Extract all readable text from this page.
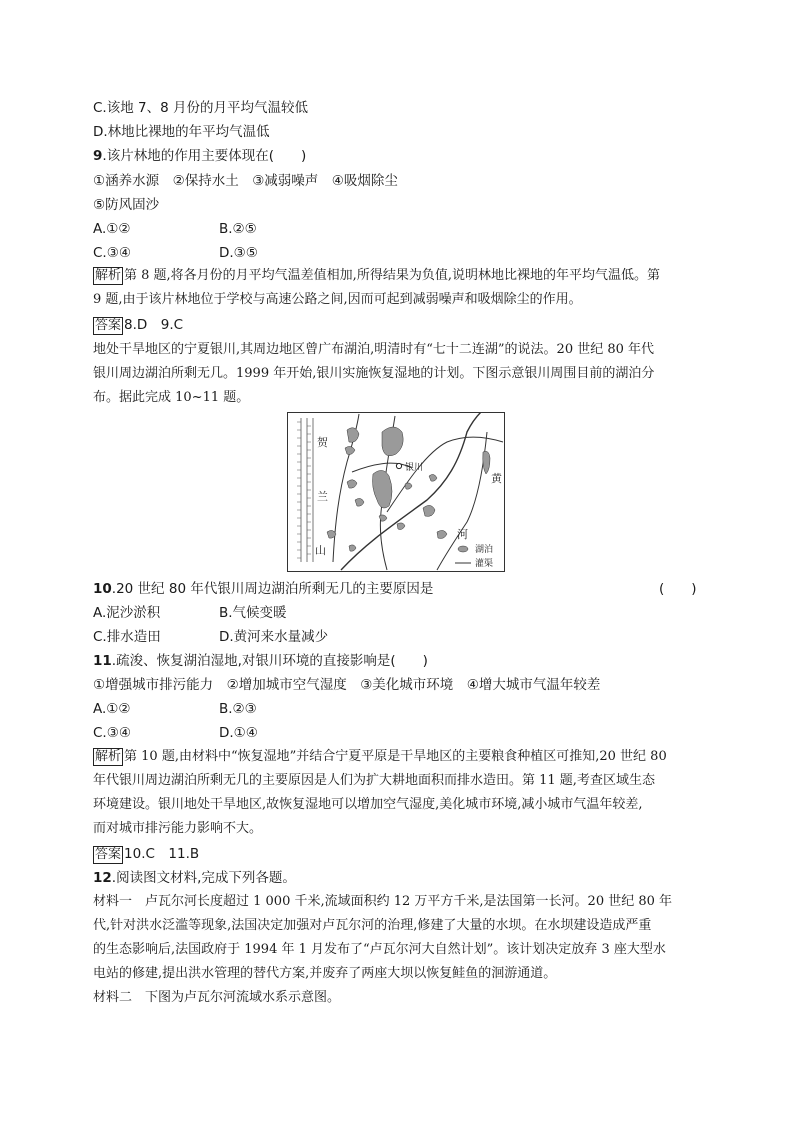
C.该地 7、8 月份的月平均气温较低
D.林地比裸地的年平均气温低
9.该片林地的作用主要体现在(　　)
①涵养水源　②保持水土　③减弱噪声　④吸烟除尘
⑤防风固沙
A.①②	B.②⑤
C.③④	D.③⑤
解析 第 8 题,将各月份的月平均气温差值相加,所得结果为负值,说明林地比裸地的年平均气温低。第
9 题,由于该片林地位于学校与高速公路之间,因而可起到减弱噪声和吸烟除尘的作用。
答案 8.D　9.C
地处干旱地区的宁夏银川,其周边地区曾广布湖泊,明清时有“七十二连湖”的说法。20 世纪 80 年代
银川周边湖泊所剩无几。1999 年开始,银川实施恢复湿地的计划。下图示意银川周围目前的湖泊分
布。据此完成 10~11 题。
银川
贺
兰
山
黄
河
湖泊
灌渠
10.20 世纪 80 年代银川周边湖泊所剩无几的主要原因是	(　　)
A.泥沙淤积	B.气候变暖
C.排水造田	D.黄河来水量减少
11.疏浚、恢复湖泊湿地,对银川环境的直接影响是(　　)
①增强城市排污能力　②增加城市空气湿度　③美化城市环境　④增大城市气温年较差
A.①②	B.②③
C.③④	D.①④
解析 第 10 题,由材料中“恢复湿地”并结合宁夏平原是干旱地区的主要粮食种植区可推知,20 世纪 80
年代银川周边湖泊所剩无几的主要原因是人们为扩大耕地面积而排水造田。第 11 题,考查区域生态
环境建设。银川地处干旱地区,故恢复湿地可以增加空气湿度,美化城市环境,减小城市气温年较差,
而对城市排污能力影响不大。
答案 10.C　11.B
12.阅读图文材料,完成下列各题。
材料一　卢瓦尔河长度超过 1 000 千米,流域面积约 12 万平方千米,是法国第一长河。20 世纪 80 年
代,针对洪水泛滥等现象,法国决定加强对卢瓦尔河的治理,修建了大量的水坝。在水坝建设造成严重
的生态影响后,法国政府于 1994 年 1 月发布了“卢瓦尔河大自然计划”。该计划决定放弃 3 座大型水
电站的修建,提出洪水管理的替代方案,并废弃了两座大坝以恢复鲑鱼的洄游通道。
材料二　下图为卢瓦尔河流域水系示意图。
